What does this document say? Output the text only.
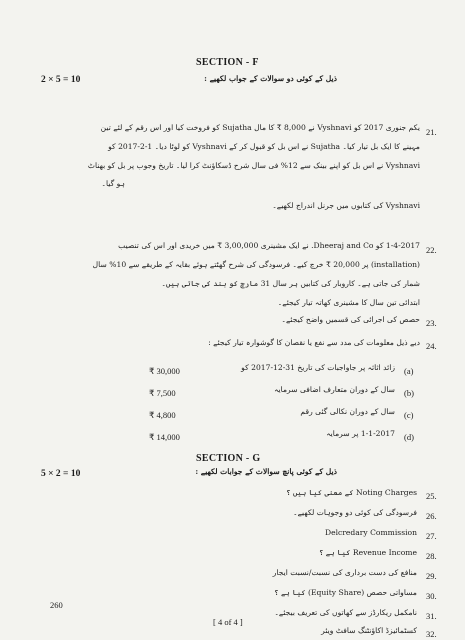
SECTION - F
2 × 5 = 10	ذیل کے کوئی دو سوالات کے جواب لکھیے :
21.
یکم جنوری 2017 کو Vyshnavi نے 8,000 ₹ کا مال Sujatha کو فروخت کیا اور اس رقم کے لئے تین
مہینے کا ایک بل تیار کیا۔ Sujatha نے اس بل کو قبول کر کے Vyshnavi کو لوٹا دیا۔ 1-2-2017 کو
Vyshnavi نے اس بل کو اپنے بینک سے 12% فی سال شرح ڈسکاؤنٹ کرا لیا۔ تاریخ وجوب پر بل کو بھناٹ
ہو گیا۔
Vyshnavi کی کتابوں میں جرنل اندراج لکھیے۔
22.
1-4-2017 کو Dheeraj and Co. نے ایک مشینری 3,00,000 ₹ میں خریدی اور اس کی تنصیب
(installation) پر 20,000 ₹ خرچ کیے۔ فرسودگی کی شرح گھٹتے ہوئے بقایہ کے طریقے سے 10% سال
شمار کی جاتی ہے۔ کاروبار کی کتابیں ہر سال 31 مارچ کو بند کی جاتی ہیں۔
ابتدائی تین سال کا مشینری کھاتہ تیار کیجئے۔
23.
حصص کی اجرائی کی قسمیں واضح کیجئے۔
24.
دیے ذیل معلومات کی مدد سے نفع یا نقصان کا گوشوارہ تیار کیجئے :
(a)
زائد اثاثہ پر جاواجبات کی تاریخ 31-12-2017 کو
₹ 30,000
(b)
سال کے دوران متعارف اضافی سرمایہ
₹ 7,500
(c)
سال کے دوران نکالی گئی رقم
₹ 4,800
(d)
1-1-2017 پر سرمایہ
₹ 14,000
SECTION - G
5 × 2 = 10	ذیل کے کوئی پانچ سوالات کے جوابات لکھیے :
25.
Noting Charges کے معنی کیا ہیں ؟
26.
فرسودگی کی کوئی دو وجوہات لکھیے۔
27.
Delcredary Commission
28.
Revenue Income کیا ہے ؟
29.
منافع کی دست برداری کی نسبت/نسبت ایجار
30.
مساواتی حصص (Equity Share) کیا ہے ؟
31.
نامکمل ریکارڈز سے کھاتوں کی تعریف بیجئے۔
32.
کسٹمائیزڈ اکاؤنٹنگ سافٹ ویئر
260
[ 4 of 4 ]
